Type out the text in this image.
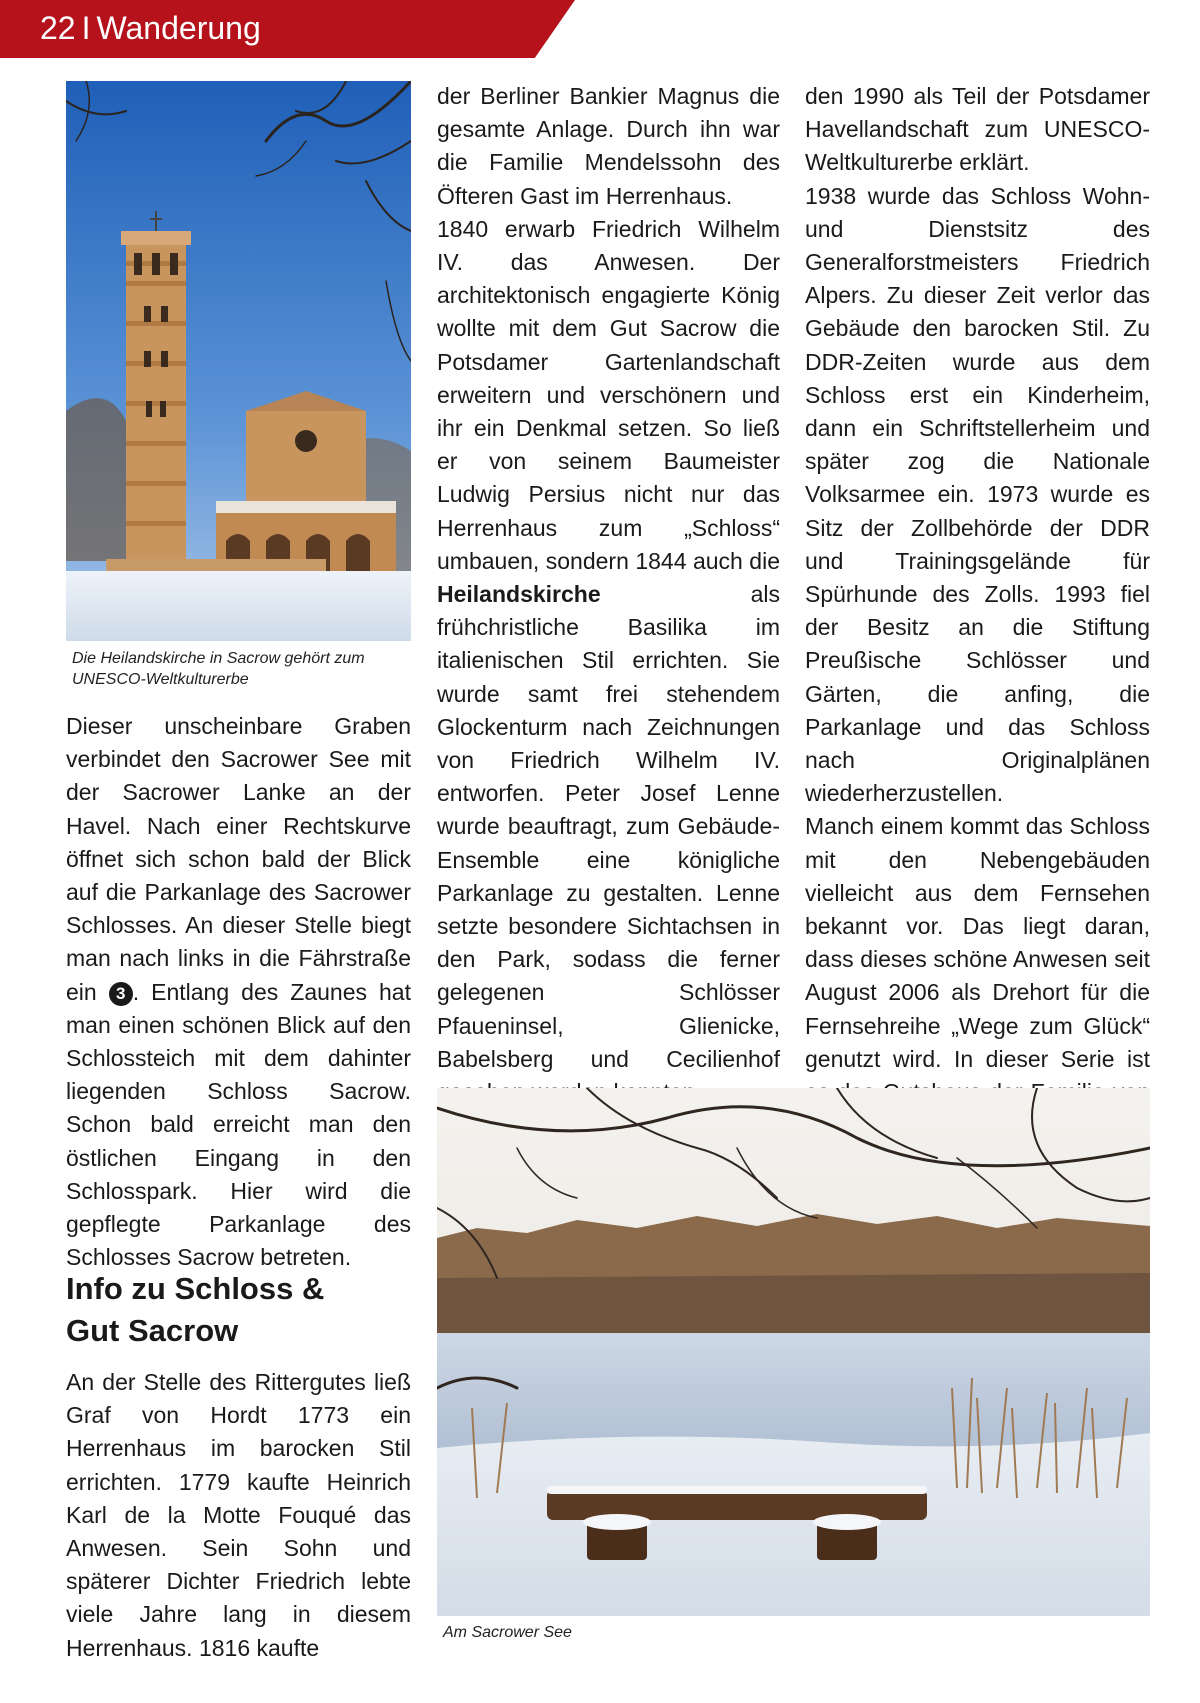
22 I Wanderung
Die Heilandskirche in Sacrow gehört zum
UNESCO-Weltkulturerbe

Dieser unscheinbare Graben verbindet den Sacrower See mit der Sacrower Lanke an der Havel. Nach einer Rechtskurve öffnet sich schon bald der Blick auf die Parkanlage des Sacrower Schlosses. An dieser Stelle biegt man nach links in die Fährstraße ein 3 . Entlang des Zaunes hat man einen schönen Blick auf den Schlossteich mit dem dahinter liegenden Schloss Sacrow. Schon bald erreicht man den östlichen Eingang in den Schlosspark. Hier wird die gepflegte Parkanlage des Schlosses Sacrow betreten.

Info zu Schloss &
Gut Sacrow

An der Stelle des Rittergutes ließ Graf von Hordt 1773 ein Herrenhaus im barocken Stil errichten. 1779 kaufte Heinrich Karl de la Motte Fouqué das Anwesen. Sein Sohn und späterer Dichter Friedrich lebte viele Jahre lang in diesem Herrenhaus. 1816 kaufte

der Berliner Bankier Magnus die gesamte Anlage. Durch ihn war die Familie Mendelssohn des Öfteren Gast im Herrenhaus.

1840 erwarb Friedrich Wilhelm IV. das Anwesen. Der architektonisch engagierte König wollte mit dem Gut Sacrow die Potsdamer Gartenlandschaft erweitern und verschönern und ihr ein Denkmal setzen. So ließ er von seinem Baumeister Ludwig Persius nicht nur das Herrenhaus zum „Schloss“ umbauen, sondern 1844 auch die Heilandskirche	als frühchristliche Basilika im italienischen Stil errichten. Sie wurde samt frei stehendem Glockenturm nach Zeichnungen von Friedrich Wilhelm IV. entworfen. Peter Josef Lenne wurde beauftragt, zum Gebäude-Ensemble eine königliche Parkanlage zu gestalten. Lenne setzte besondere Sichtachsen in den Park, sodass die ferner gelegenen Schlösser Pfaueninsel, Glienicke, Babelsberg und Cecilienhof

den 1990 als Teil der Potsdamer Havellandschaft zum UNESCO-Weltkulturerbe erklärt.

1938 wurde das Schloss Wohn- und Dienstsitz des Generalforstmeisters Friedrich Alpers. Zu dieser Zeit verlor das Gebäude den barocken Stil. Zu DDR-Zeiten wurde aus dem Schloss erst ein Kinderheim, dann ein Schriftstellerheim und später zog die Nationale Volksarmee ein. 1973 wurde es Sitz der Zollbehörde der DDR und Trainingsgelände für Spürhunde des Zolls. 1993 fiel der Besitz an die Stiftung Preußische Schlösser und Gärten, die anfing, die Parkanlage und das Schloss nach Originalplänen wiederherzustellen.

Manch einem kommt das Schloss mit den Nebengebäuden vielleicht aus dem Fernsehen bekannt vor. Das liegt daran, dass dieses schöne Anwesen seit August 2006 als Drehort für die Fernsehreihe „Wege zum Glück“ genutzt wird. In dieser Serie ist

Am Sacrower See
